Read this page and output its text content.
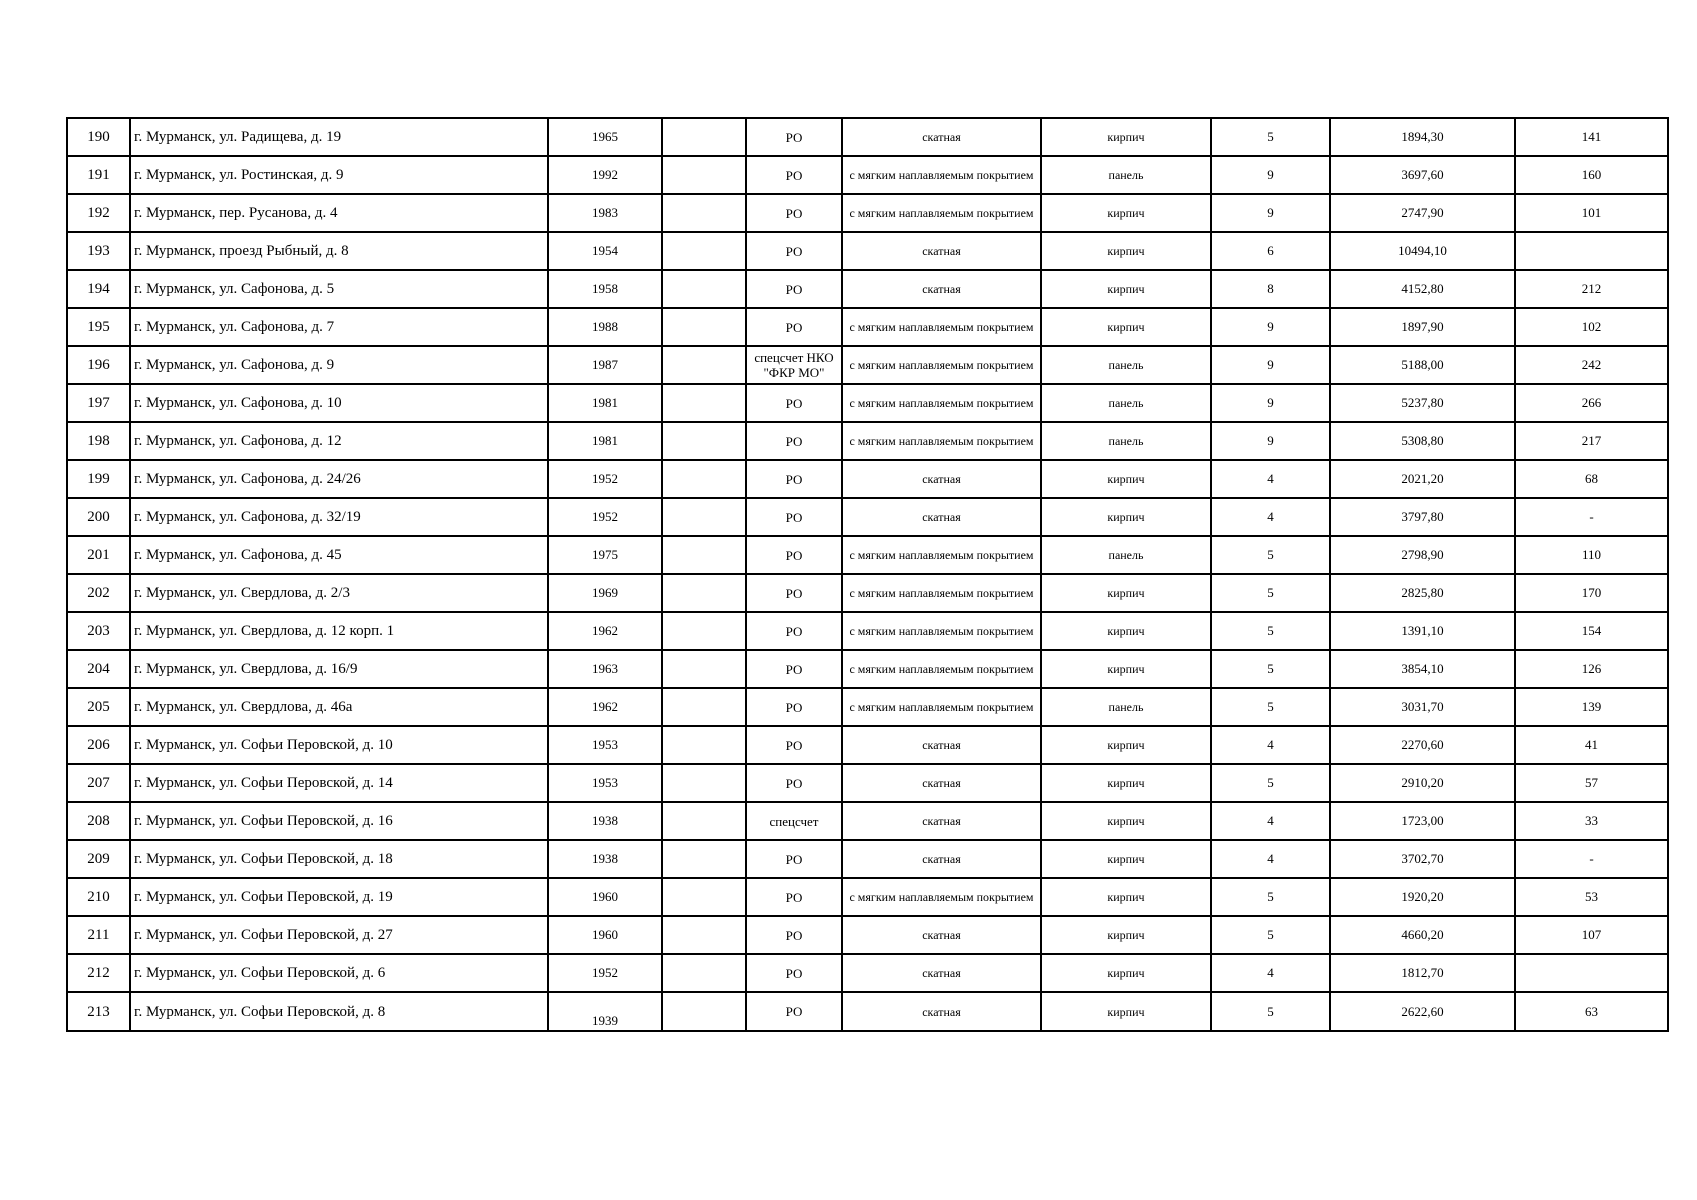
190	г. Мурманск, ул. Радищева, д. 19	1965		РО	скатная	кирпич	5	1894,30	141
191	г. Мурманск, ул. Ростинская, д. 9	1992		РО	с мягким наплавляемым покрытием	панель	9	3697,60	160
192	г. Мурманск, пер. Русанова, д. 4	1983		РО	с мягким наплавляемым покрытием	кирпич	9	2747,90	101
193	г. Мурманск, проезд Рыбный, д. 8	1954		РО	скатная	кирпич	6	10494,10	
194	г. Мурманск, ул. Сафонова, д. 5	1958		РО	скатная	кирпич	8	4152,80	212
195	г. Мурманск, ул. Сафонова, д. 7	1988		РО	с мягким наплавляемым покрытием	кирпич	9	1897,90	102
196	г. Мурманск, ул. Сафонова, д. 9	1987		спецсчет НКО "ФКР МО"	с мягким наплавляемым покрытием	панель	9	5188,00	242
197	г. Мурманск, ул. Сафонова, д. 10	1981		РО	с мягким наплавляемым покрытием	панель	9	5237,80	266
198	г. Мурманск, ул. Сафонова, д. 12	1981		РО	с мягким наплавляемым покрытием	панель	9	5308,80	217
199	г. Мурманск, ул. Сафонова, д. 24/26	1952		РО	скатная	кирпич	4	2021,20	68
200	г. Мурманск, ул. Сафонова, д. 32/19	1952		РО	скатная	кирпич	4	3797,80	-
201	г. Мурманск, ул. Сафонова, д. 45	1975		РО	с мягким наплавляемым покрытием	панель	5	2798,90	110
202	г. Мурманск, ул. Свердлова, д. 2/3	1969		РО	с мягким наплавляемым покрытием	кирпич	5	2825,80	170
203	г. Мурманск, ул. Свердлова, д. 12 корп. 1	1962		РО	с мягким наплавляемым покрытием	кирпич	5	1391,10	154
204	г. Мурманск, ул. Свердлова, д. 16/9	1963		РО	с мягким наплавляемым покрытием	кирпич	5	3854,10	126
205	г. Мурманск, ул. Свердлова, д. 46а	1962		РО	с мягким наплавляемым покрытием	панель	5	3031,70	139
206	г. Мурманск, ул. Софьи Перовской, д. 10	1953		РО	скатная	кирпич	4	2270,60	41
207	г. Мурманск, ул. Софьи Перовской, д. 14	1953		РО	скатная	кирпич	5	2910,20	57
208	г. Мурманск, ул. Софьи Перовской, д. 16	1938		спецсчет	скатная	кирпич	4	1723,00	33
209	г. Мурманск, ул. Софьи Перовской, д. 18	1938		РО	скатная	кирпич	4	3702,70	-
210	г. Мурманск, ул. Софьи Перовской, д. 19	1960		РО	с мягким наплавляемым покрытием	кирпич	5	1920,20	53
211	г. Мурманск, ул. Софьи Перовской, д. 27	1960		РО	скатная	кирпич	5	4660,20	107
212	г. Мурманск, ул. Софьи Перовской, д. 6	1952		РО	скатная	кирпич	4	1812,70	
213	г. Мурманск, ул. Софьи Перовской, д. 8	1939		РО	скатная	кирпич	5	2622,60	63
